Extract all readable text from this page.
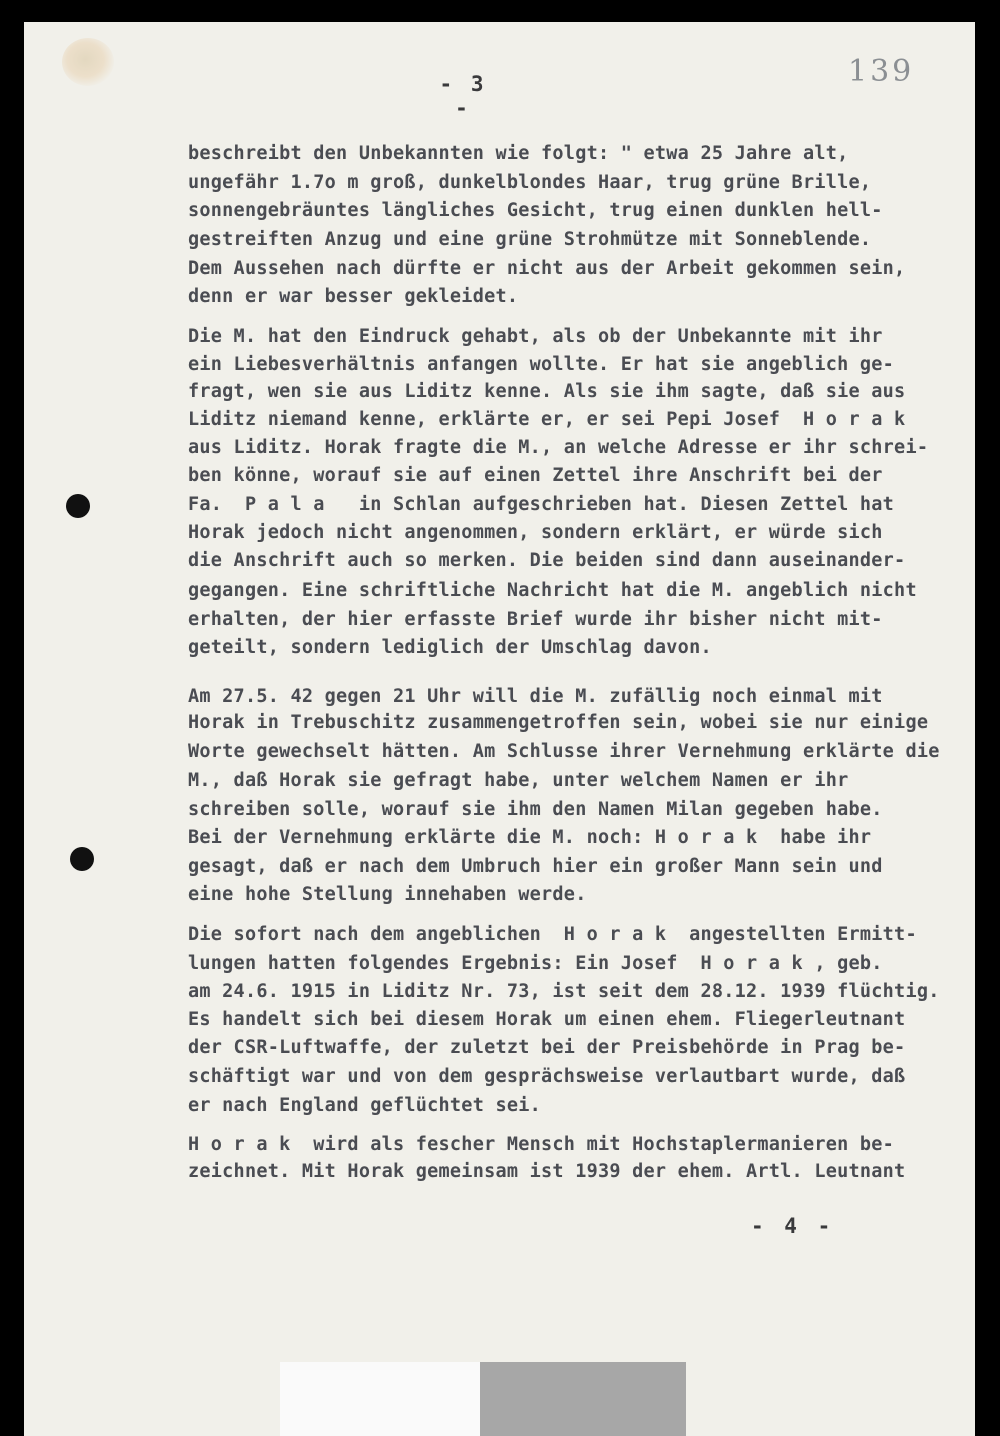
- 3 -
139
beschreibt den Unbekannten wie folgt: " etwa 25 Jahre alt,
ungefähr 1.7o m groß, dunkelblondes Haar, trug grüne Brille,
sonnengebräuntes längliches Gesicht, trug einen dunklen hell-
gestreiften Anzug und eine grüne Strohmütze mit Sonneblende.
Dem Aussehen nach dürfte er nicht aus der Arbeit gekommen sein,
denn er war besser gekleidet.
Die M. hat den Eindruck gehabt, als ob der Unbekannte mit ihr
ein Liebesverhältnis anfangen wollte. Er hat sie angeblich ge-
fragt, wen sie aus Liditz kenne. Als sie ihm sagte, daß sie aus
Liditz niemand kenne, erklärte er, er sei Pepi Josef  H o r a k
aus Liditz. Horak fragte die M., an welche Adresse er ihr schrei-
ben könne, worauf sie auf einen Zettel ihre Anschrift bei der
Fa.  P a l a   in Schlan aufgeschrieben hat. Diesen Zettel hat
Horak jedoch nicht angenommen, sondern erklärt, er würde sich
die Anschrift auch so merken. Die beiden sind dann auseinander-
gegangen. Eine schriftliche Nachricht hat die M. angeblich nicht
erhalten, der hier erfasste Brief wurde ihr bisher nicht mit-
geteilt, sondern lediglich der Umschlag davon.
Am 27.5. 42 gegen 21 Uhr will die M. zufällig noch einmal mit
Horak in Trebuschitz zusammengetroffen sein, wobei sie nur einige
Worte gewechselt hätten. Am Schlusse ihrer Vernehmung erklärte die
M., daß Horak sie gefragt habe, unter welchem Namen er ihr
schreiben solle, worauf sie ihm den Namen Milan gegeben habe.
Bei der Vernehmung erklärte die M. noch: H o r a k  habe ihr
gesagt, daß er nach dem Umbruch hier ein großer Mann sein und
eine hohe Stellung innehaben werde.
Die sofort nach dem angeblichen  H o r a k  angestellten Ermitt-
lungen hatten folgendes Ergebnis: Ein Josef  H o r a k , geb.
am 24.6. 1915 in Liditz Nr. 73, ist seit dem 28.12. 1939 flüchtig.
Es handelt sich bei diesem Horak um einen ehem. Fliegerleutnant
der CSR-Luftwaffe, der zuletzt bei der Preisbehörde in Prag be-
schäftigt war und von dem gesprächsweise verlautbart wurde, daß
er nach England geflüchtet sei.
H o r a k  wird als fescher Mensch mit Hochstaplermanieren be-
zeichnet. Mit Horak gemeinsam ist 1939 der ehem. Artl. Leutnant
- 4 -
